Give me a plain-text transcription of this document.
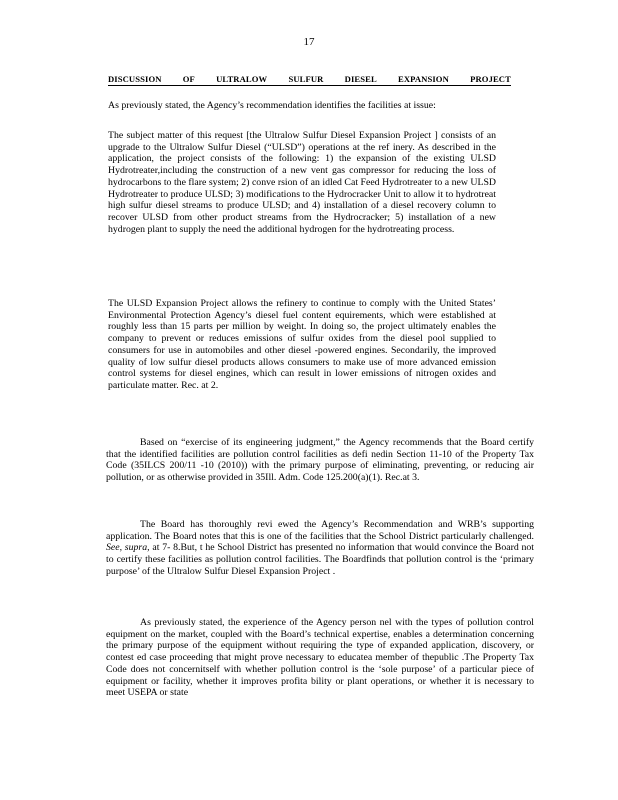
17
DISCUSSION OF ULTRALOW SULFUR DIESEL EXPANSION PROJECT

As previously stated, the Agency’s recommendation identifies the facilities at issue:

The subject matter of this request [the Ultralow Sulfur Diesel Expansion Project ] consists of an upgrade to the Ultralow Sulfur Diesel (“ULSD”) operations at the ref inery. As described in the application, the project consists of the following: 1) the expansion of the existing ULSD Hydrotreater,including the construction of a new vent gas compressor for reducing the loss of hydrocarbons to the flare system; 2) conve rsion of an idled Cat Feed Hydrotreater to a new ULSD Hydrotreater to produce ULSD; 3) modifications to the Hydrocracker Unit to allow it to hydrotreat high sulfur diesel streams to produce ULSD; and 4) installation of a diesel recovery column to recover ULSD from other product streams from the Hydrocracker; 5) installation of a new hydrogen plant to supply the need the additional hydrogen for the hydrotreating process.

The ULSD Expansion Project allows the refinery to continue to comply with the United States’ Environmental Protection Agency’s diesel fuel content equirements, which were established at roughly less than 15 parts per million by weight. In doing so, the project ultimately enables the company to prevent or reduces emissions of sulfur oxides from the diesel pool supplied to consumers for use in automobiles and other diesel -powered engines. Secondarily, the improved quality of low sulfur diesel products allows consumers to make use of more advanced emission control systems for diesel engines, which can result in lower emissions of nitrogen oxides and particulate matter. Rec. at 2.

Based on “exercise of its engineering judgment,” the Agency recommends that the Board certify that the identified facilities are pollution control facilities as defi nedin Section 11-10 of the Property Tax Code (35ILCS 200/11 -10 (2010)) with the primary purpose of eliminating, preventing, or reducing air pollution, or as otherwise provided in 35Ill. Adm. Code 125.200(a)(1). Rec.at 3.

The Board has thoroughly revi ewed the Agency’s Recommendation and WRB’s supporting application. The Board notes that this is one of the facilities that the School District particularly challenged. See, supra, at 7- 8.But, t he School District has presented no information that would convince the Board not to certify these facilities as pollution control facilities. The Boardfinds that pollution control is the ‘primary purpose’ of the Ultralow Sulfur Diesel Expansion Project .

As previously stated, the experience of the Agency person nel with the types of pollution control equipment on the market, coupled with the Board’s technical expertise, enables a determination concerning the primary purpose of the equipment without requiring the type of expanded application, discovery, or contest ed case proceeding that might prove necessary to educatea member of thepublic .The Property Tax Code does not concernitself with whether pollution control is the ‘sole purpose’ of a particular piece of equipment or facility, whether it improves profita bility or plant operations, or whether it is necessary to meet USEPA or state
